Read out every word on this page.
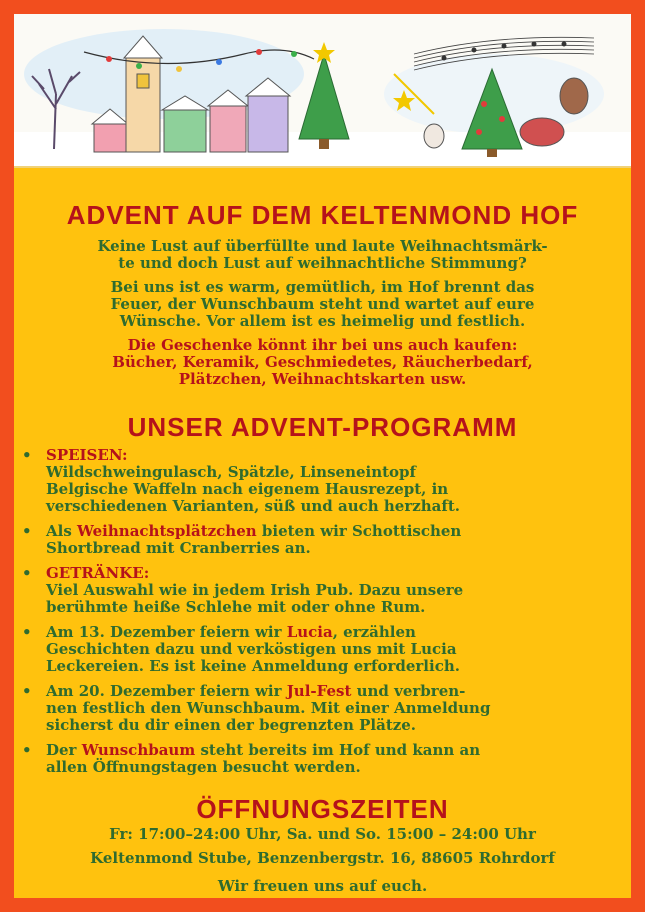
ADVENT AUF DEM KELTENMOND HOF
Keine Lust auf überfüllte und laute Weihnachtsmärk-
te und doch Lust auf weihnachtliche Stimmung?
Bei uns ist es warm, gemütlich, im Hof brennt das
Feuer, der Wunschbaum steht und wartet auf eure
Wünsche. Vor allem ist es heimelig und festlich.
Die Geschenke könnt ihr bei uns auch kaufen:
Bücher, Keramik, Geschmiedetes, Räucherbedarf,
Plätzchen, Weihnachtskarten usw.
UNSER ADVENT-PROGRAMM
• SPEISEN:
Wildschweingulasch, Spätzle, Linseneintopf
Belgische Waffeln nach eigenem Hausrezept, in
verschiedenen Varianten, süß und auch herzhaft.
• Als Weihnachtsplätzchen bieten wir Schottischen
Shortbread mit Cranberries an.
• GETRÄNKE:
Viel Auswahl wie in jedem Irish Pub. Dazu unsere
berühmte heiße Schlehe mit oder ohne Rum.
• Am 13. Dezember feiern wir Lucia, erzählen
Geschichten dazu und verköstigen uns mit Lucia
Leckereien. Es ist keine Anmeldung erforderlich.
• Am 20. Dezember feiern wir Jul-Fest und verbren-
nen festlich den Wunschbaum. Mit einer Anmeldung
sicherst du dir einen der begrenzten Plätze.
• Der Wunschbaum steht bereits im Hof und kann an
allen Öffnungstagen besucht werden.
ÖFFNUNGSZEITEN
Fr: 17:00–24:00 Uhr, Sa. und So. 15:00 – 24:00 Uhr
Keltenmond Stube, Benzenbergstr. 16, 88605 Rohrdorf
Wir freuen uns auf euch.
